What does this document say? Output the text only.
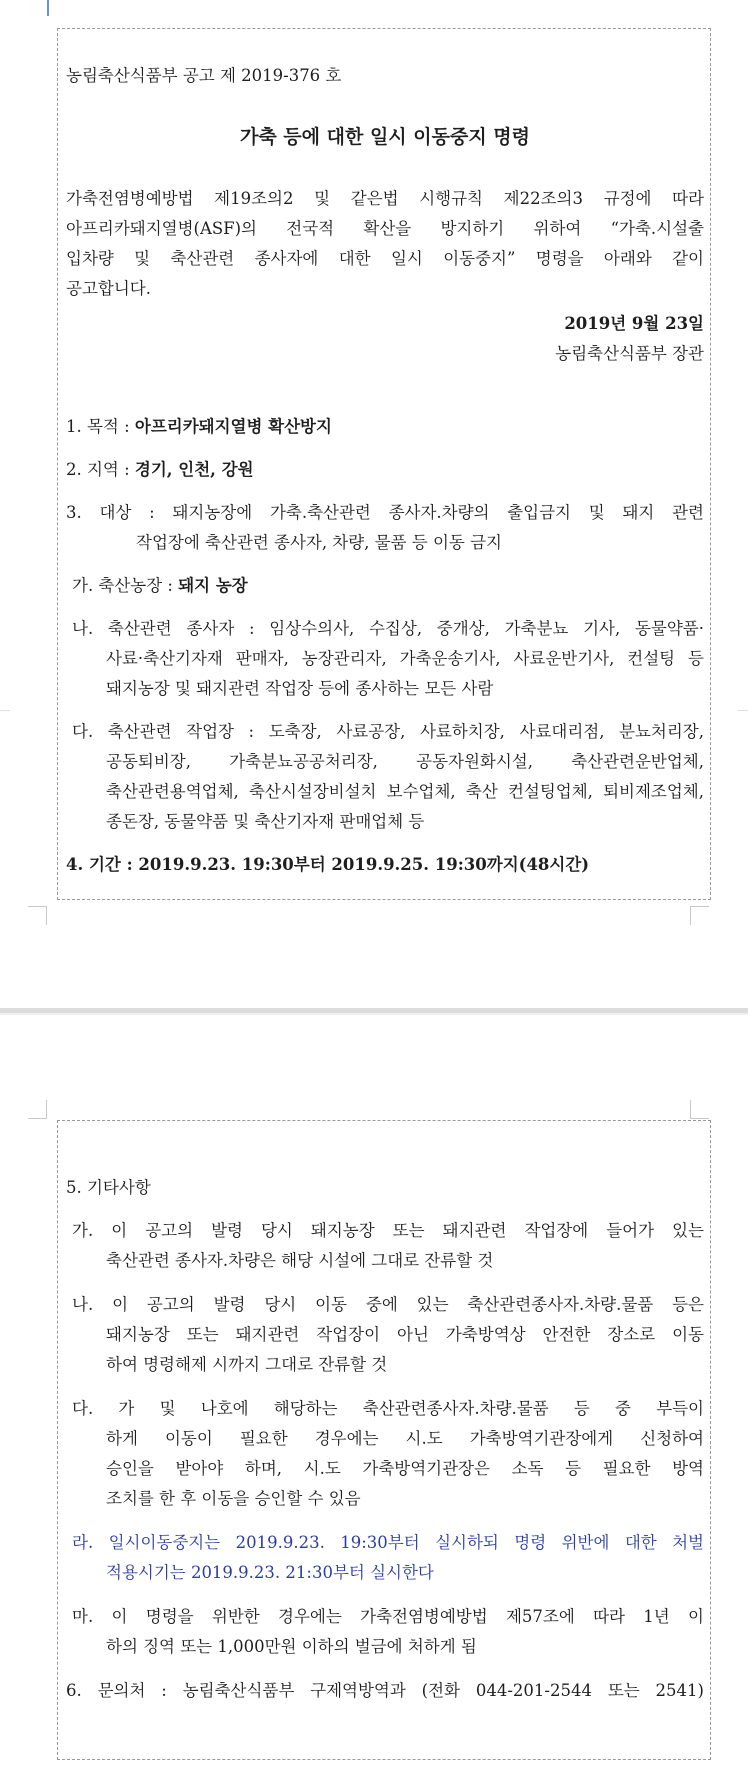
농림축산식품부 공고 제 2019-376 호
가축 등에 대한 일시 이동중지 명령
가축전염병예방법 제19조의2 및 같은법 시행규칙 제22조의3 규정에 따라
아프리카돼지열병(ASF)의 전국적 확산을 방지하기 위하여 “가축.시설출
입차량 및 축산관련 종사자에 대한 일시 이동중지” 명령을 아래와 같이
공고합니다.
2019년 9월 23일
농림축산식품부 장관
1. 목적 : 아프리카돼지열병 확산방지
2. 지역 : 경기, 인천, 강원
3. 대상 : 돼지농장에 가축.축산관련 종사자.차량의 출입금지 및 돼지 관련
작업장에 축산관련 종사자, 차량, 물품 등 이동 금지
가. 축산농장 : 돼지 농장
나. 축산관련 종사자 : 임상수의사, 수집상, 중개상, 가축분뇨 기사, 동물약품·
사료·축산기자재 판매자, 농장관리자, 가축운송기사, 사료운반기사, 컨설팅 등
돼지농장 및 돼지관련 작업장 등에 종사하는 모든 사람
다. 축산관련 작업장 : 도축장, 사료공장, 사료하치장, 사료대리점, 분뇨처리장,
공동퇴비장, 가축분뇨공공처리장, 공동자원화시설, 축산관련운반업체,
축산관련용역업체, 축산시설장비설치 보수업체, 축산 컨설팅업체, 퇴비제조업체,
종돈장, 동물약품 및 축산기자재 판매업체 등
4. 기간 : 2019.9.23. 19:30부터 2019.9.25. 19:30까지(48시간)
5. 기타사항
가. 이 공고의 발령 당시 돼지농장 또는 돼지관련 작업장에 들어가 있는
축산관련 종사자.차량은 해당 시설에 그대로 잔류할 것
나. 이 공고의 발령 당시 이동 중에 있는 축산관련종사자.차량.물품 등은
돼지농장 또는 돼지관련 작업장이 아닌 가축방역상 안전한 장소로 이동
하여 명령해제 시까지 그대로 잔류할 것
다. 가 및 나호에 해당하는 축산관련종사자.차량.물품 등 중 부득이
하게 이동이 필요한 경우에는 시.도 가축방역기관장에게 신청하여
승인을 받아야 하며, 시.도 가축방역기관장은 소독 등 필요한 방역
조치를 한 후 이동을 승인할 수 있음
라. 일시이동중지는 2019.9.23. 19:30부터 실시하되 명령 위반에 대한 처벌
적용시기는 2019.9.23. 21:30부터 실시한다
마. 이 명령을 위반한 경우에는 가축전염병예방법 제57조에 따라 1년 이
하의 징역 또는 1,000만원 이하의 벌금에 처하게 됨
6. 문의처 : 농림축산식품부 구제역방역과 (전화 044-201-2544 또는 2541)
